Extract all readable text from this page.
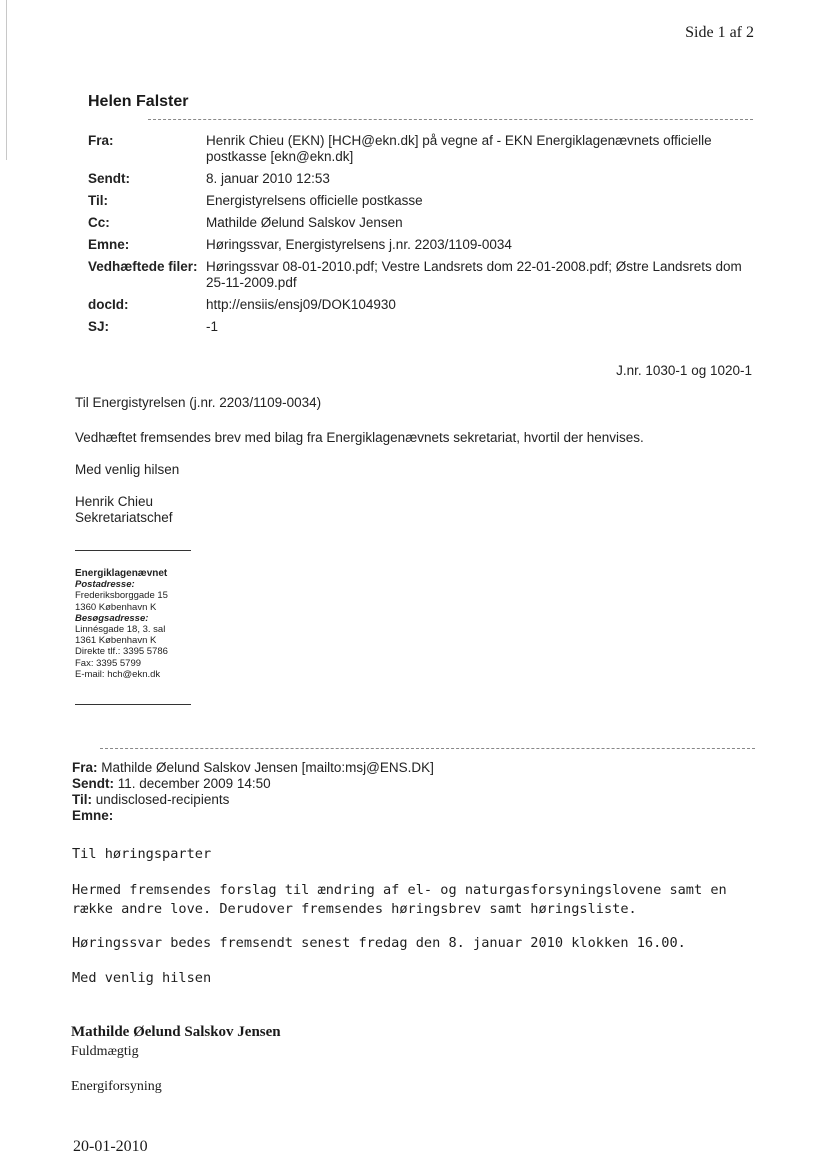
Side 1 af 2
Helen Falster
Fra:	Henrik Chieu (EKN) [HCH@ekn.dk] på vegne af - EKN Energiklagenævnets officielle postkasse [ekn@ekn.dk]
Sendt:	8. januar 2010 12:53
Til:	Energistyrelsens officielle postkasse
Cc:	Mathilde Øelund Salskov Jensen
Emne:	Høringssvar, Energistyrelsens j.nr. 2203/1109-0034
Vedhæftede filer: Høringssvar 08-01-2010.pdf; Vestre Landsrets dom 22-01-2008.pdf; Østre Landsrets dom 25-11-2009.pdf
docId:	http://ensiis/ensj09/DOK104930
SJ:	-1
J.nr. 1030-1 og 1020-1
Til Energistyrelsen (j.nr. 2203/1109-0034)
Vedhæftet fremsendes brev med bilag fra Energiklagenævnets sekretariat, hvortil der henvises.
Med venlig hilsen
Henrik Chieu
Sekretariatschef
Energiklagenævnet
Postadresse:
Frederiksborggade 15
1360 København K
Besøgsadresse:
Linnésgade 18, 3. sal
1361 København K
Direkte tlf.: 3395 5786
Fax: 3395 5799
E-mail: hch@ekn.dk
Fra: Mathilde Øelund Salskov Jensen [mailto:msj@ENS.DK]
Sendt: 11. december 2009 14:50
Til: undisclosed-recipients
Emne:
Til høringsparter
Hermed fremsendes forslag til ændring af el- og naturgasforsyningslovene samt en række andre love. Derudover fremsendes høringsbrev samt høringsliste.
Høringssvar bedes fremsendt senest fredag den 8. januar 2010 klokken 16.00.
Med venlig hilsen
Mathilde Øelund Salskov Jensen
Fuldmægtig
Energiforsyning
20-01-2010
